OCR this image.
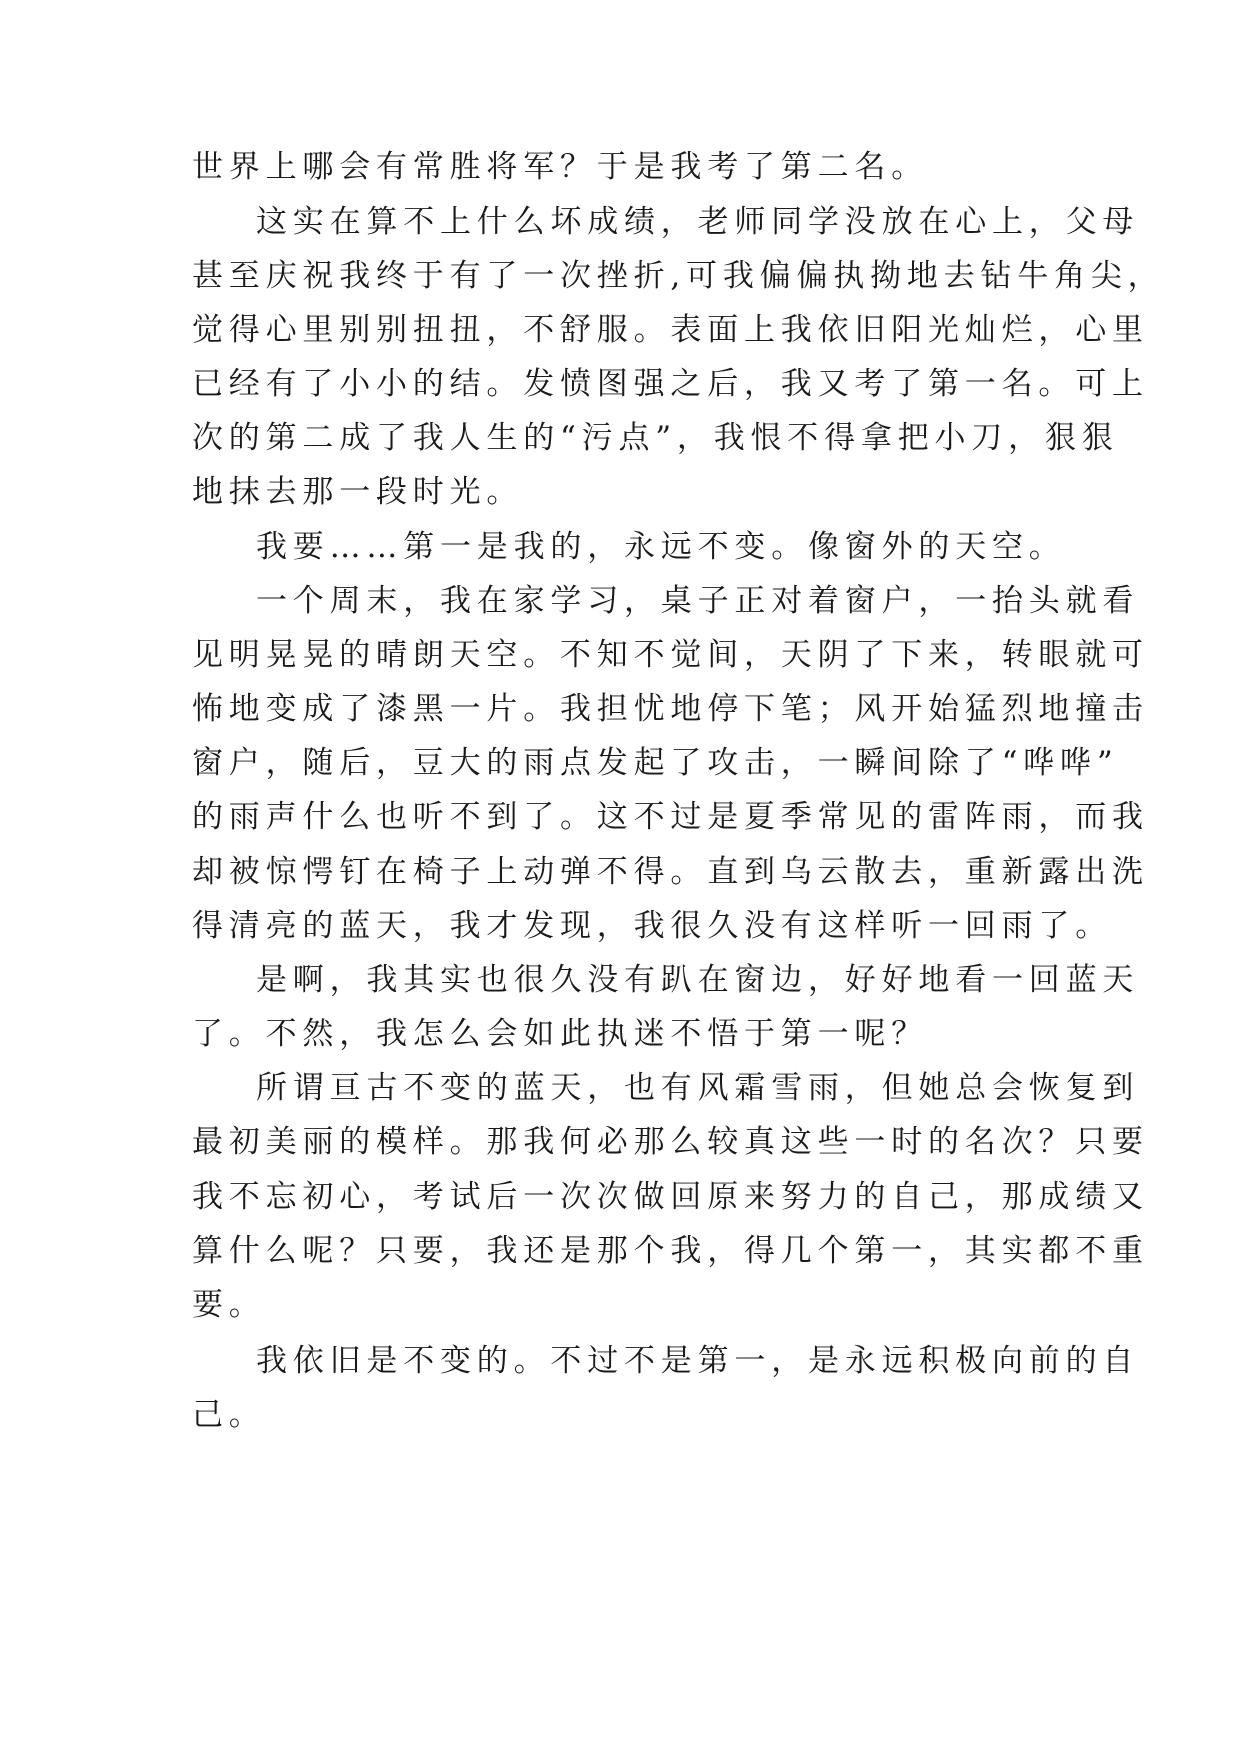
世界上哪会有常胜将军？于是我考了第二名。
这实在算不上什么坏成绩，老师同学没放在心上，父母
甚至庆祝我终于有了一次挫折,可我偏偏执拗地去钻牛角尖，
觉得心里别别扭扭，不舒服。表面上我依旧阳光灿烂，心里
已经有了小小的结。发愤图强之后，我又考了第一名。可上
次的第二成了我人生的“污点”，我恨不得拿把小刀，狠狠
地抹去那一段时光。
我要……第一是我的，永远不变。像窗外的天空。
一个周末，我在家学习，桌子正对着窗户，一抬头就看
见明晃晃的晴朗天空。不知不觉间，天阴了下来，转眼就可
怖地变成了漆黑一片。我担忧地停下笔；风开始猛烈地撞击
窗户，随后，豆大的雨点发起了攻击，一瞬间除了“哗哗”
的雨声什么也听不到了。这不过是夏季常见的雷阵雨，而我
却被惊愕钉在椅子上动弹不得。直到乌云散去，重新露出洗
得清亮的蓝天，我才发现，我很久没有这样听一回雨了。
是啊，我其实也很久没有趴在窗边，好好地看一回蓝天
了。不然，我怎么会如此执迷不悟于第一呢？
所谓亘古不变的蓝天，也有风霜雪雨，但她总会恢复到
最初美丽的模样。那我何必那么较真这些一时的名次？只要
我不忘初心，考试后一次次做回原来努力的自己，那成绩又
算什么呢？只要，我还是那个我，得几个第一，其实都不重
要。
我依旧是不变的。不过不是第一，是永远积极向前的自
己。
